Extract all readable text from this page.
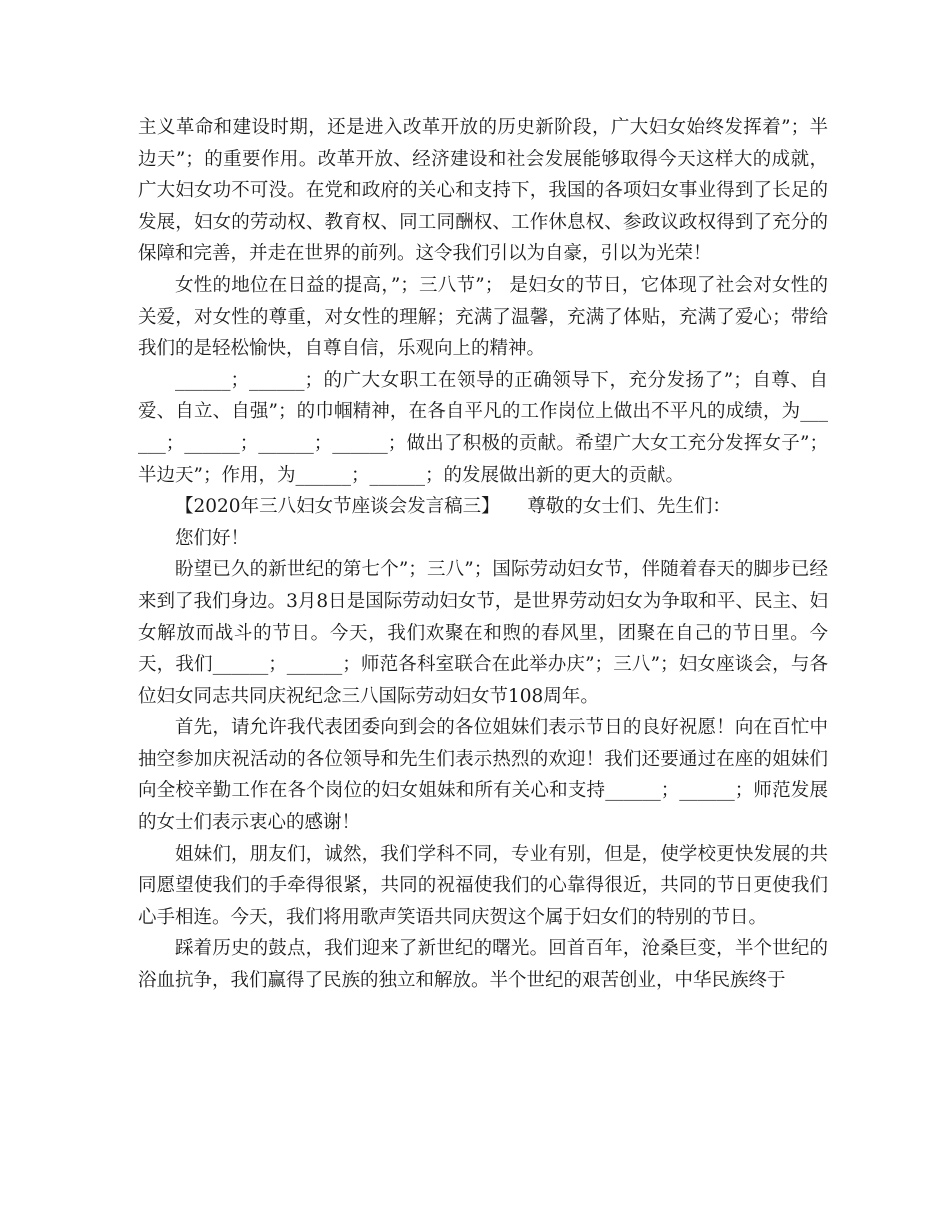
主义革命和建设时期，还是进入改革开放的历史新阶段，广大妇女始终发挥着”；半边天”；的重要作用。改革开放、经济建设和社会发展能够取得今天这样大的成就，广大妇女功不可没。在党和政府的关心和支持下，我国的各项妇女事业得到了长足的发展，妇女的劳动权、教育权、同工同酬权、工作休息权、参政议政权得到了充分的保障和完善，并走在世界的前列。这令我们引以为自豪，引以为光荣！

女性的地位在日益的提高，”；三八节”； 是妇女的节日，它体现了社会对女性的关爱，对女性的尊重，对女性的理解；充满了温馨，充满了体贴，充满了爱心；带给我们的是轻松愉快，自尊自信，乐观向上的精神。

______；______；的广大女职工在领导的正确领导下，充分发扬了”；自尊、自爱、自立、自强”；的巾帼精神，在各自平凡的工作岗位上做出不平凡的成绩，为______；______；______；______；做出了积极的贡献。希望广大女工充分发挥女子”；半边天”；作用，为______；______；的发展做出新的更大的贡献。

【2020年三八妇女节座谈会发言稿三】　　尊敬的女士们、先生们：

您们好！

盼望已久的新世纪的第七个”；三八”；国际劳动妇女节，伴随着春天的脚步已经来到了我们身边。3月8日是国际劳动妇女节，是世界劳动妇女为争取和平、民主、妇女解放而战斗的节日。今天，我们欢聚在和煦的春风里，团聚在自己的节日里。今天，我们______；______；师范各科室联合在此举办庆”；三八”；妇女座谈会，与各位妇女同志共同庆祝纪念三八国际劳动妇女节108周年。

首先，请允许我代表团委向到会的各位姐妹们表示节日的良好祝愿！向在百忙中抽空参加庆祝活动的各位领导和先生们表示热烈的欢迎！我们还要通过在座的姐妹们向全校辛勤工作在各个岗位的妇女姐妹和所有关心和支持______；______；师范发展的女士们表示衷心的感谢！

姐妹们，朋友们，诚然，我们学科不同，专业有别，但是，使学校更快发展的共同愿望使我们的手牵得很紧，共同的祝福使我们的心靠得很近，共同的节日更使我们心手相连。今天，我们将用歌声笑语共同庆贺这个属于妇女们的特别的节日。

踩着历史的鼓点，我们迎来了新世纪的曙光。回首百年，沧桑巨变，半个世纪的浴血抗争，我们赢得了民族的独立和解放。半个世纪的艰苦创业，中华民族终于
